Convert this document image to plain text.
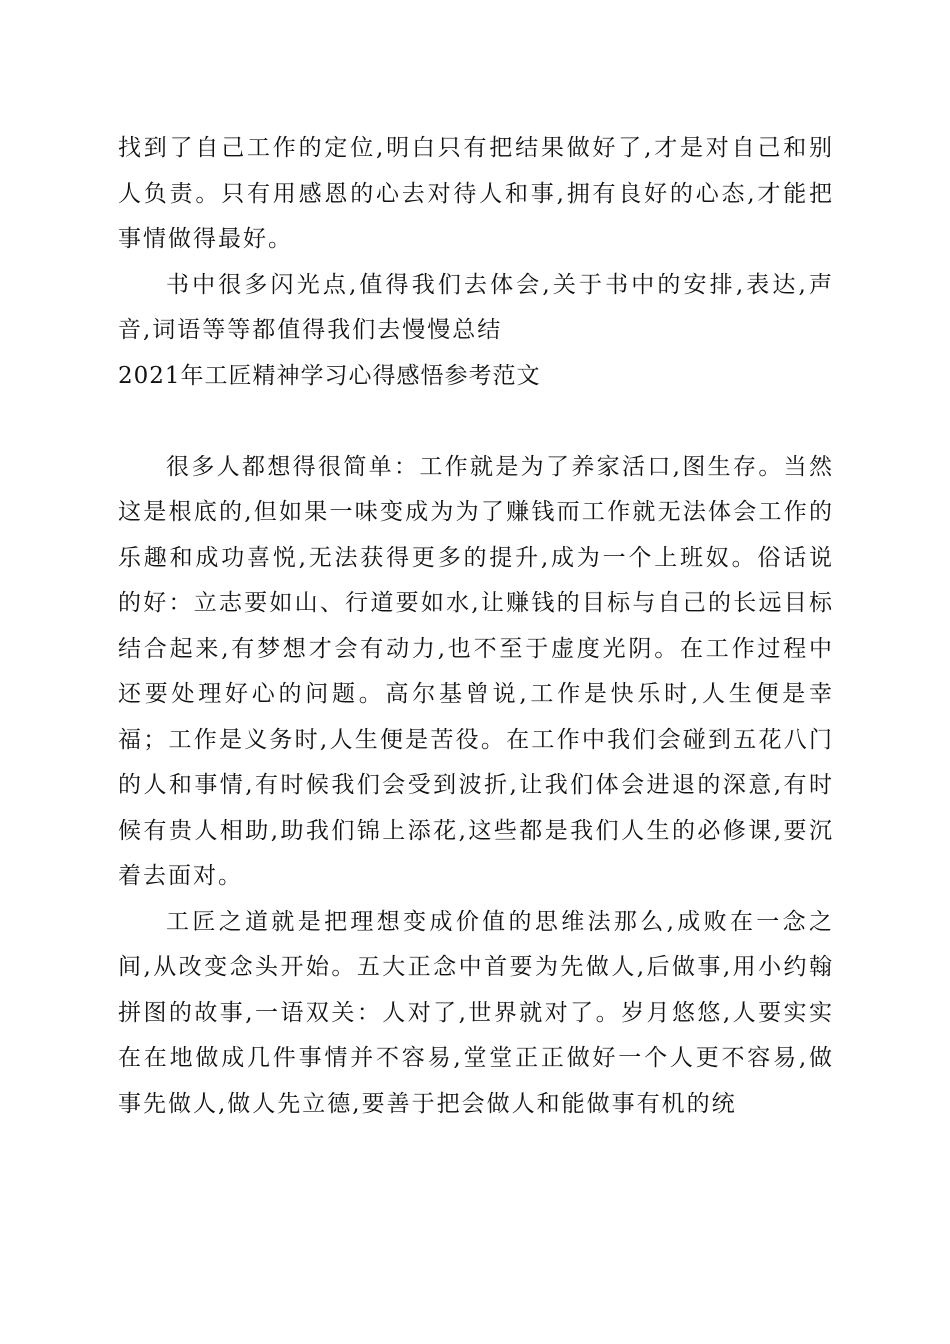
找到了自己工作的定位,明白只有把结果做好了,才是对自己和别人负责。只有用感恩的心去对待人和事,拥有良好的心态,才能把事情做得最好。

书中很多闪光点,值得我们去体会,关于书中的安排,表达,声音,词语等等都值得我们去慢慢总结

2021年工匠精神学习心得感悟参考范文

很多人都想得很简单：工作就是为了养家活口,图生存。当然这是根底的,但如果一味变成为为了赚钱而工作就无法体会工作的乐趣和成功喜悦,无法获得更多的提升,成为一个上班奴。俗话说的好：立志要如山、行道要如水,让赚钱的目标与自己的长远目标结合起来,有梦想才会有动力,也不至于虚度光阴。在工作过程中还要处理好心的问题。高尔基曾说,工作是快乐时,人生便是幸福；工作是义务时,人生便是苦役。在工作中我们会碰到五花八门的人和事情,有时候我们会受到波折,让我们体会进退的深意,有时候有贵人相助,助我们锦上添花,这些都是我们人生的必修课,要沉着去面对。

工匠之道就是把理想变成价值的思维法那么,成败在一念之间,从改变念头开始。五大正念中首要为先做人,后做事,用小约翰拼图的故事,一语双关：人对了,世界就对了。岁月悠悠,人要实实在在地做成几件事情并不容易,堂堂正正做好一个人更不容易,做事先做人,做人先立德,要善于把会做人和能做事有机的统
